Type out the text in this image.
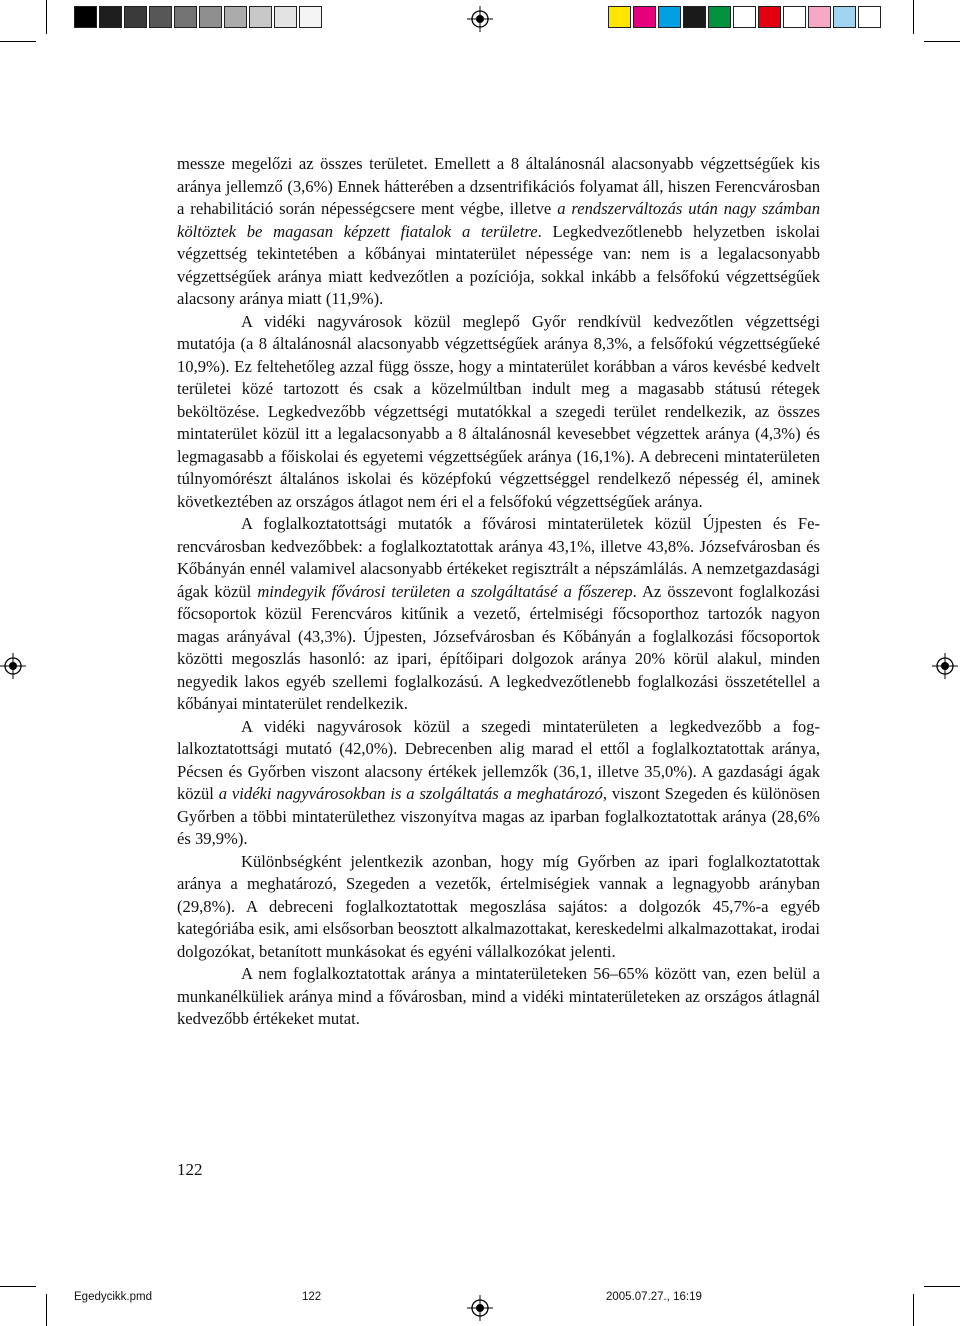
messze megelőzi az összes területet. Emellett a 8 általánosnál alacsonyabb végzettségűek kis aránya jellemző (3,6%) Ennek hátterében a dzsentrifikációs folyamat áll, hiszen Ferencvárosban a rehabilitáció során népességcsere ment végbe, illetve a rendszerváltozás után nagy számban költöztek be magasan képzett fiatalok a területre. Legkedvezőtlenebb helyzetben iskolai végzettség tekintetében a kőbányai mintaterület népessége van: nem is a legalacsonyabb végzettségűek aránya miatt kedvezőtlen a pozíciója, sokkal inkább a felsőfokú végzettségűek alacsony aránya miatt (11,9%).

A vidéki nagyvárosok közül meglepő Győr rendkívül kedvezőtlen végzettségi mutatója (a 8 általánosnál alacsonyabb végzettségűek aránya 8,3%, a felsőfokú végzettségűeké 10,9%). Ez feltehetőleg azzal függ össze, hogy a mintaterület korábban a város kevésbé kedvelt területei közé tartozott és csak a közelmúltban indult meg a magasabb státusú rétegek beköltözése. Legkedvezőbb végzettségi mutatókkal a szegedi terület rendelkezik, az összes mintaterület közül itt a legalacsonyabb a 8 általánosnál kevesebbet végzettek aránya (4,3%) és legmagasabb a főiskolai és egyetemi végzettségűek aránya (16,1%). A debreceni mintaterületen túlnyomórészt általános iskolai és középfokú végzettséggel rendelkező népesség él, aminek következtében az országos átlagot nem éri el a felsőfokú végzettségűek aránya.

A foglalkoztatottsági mutatók a fővárosi mintaterületek közül Újpesten és Ferencvárosban kedvezőbbek: a foglalkoztatottak aránya 43,1%, illetve 43,8%. Józsefvárosban és Kőbányán ennél valamivel alacsonyabb értékeket regisztrált a népszámlálás. A nemzetgazdasági ágak közül mindegyik fővárosi területen a szolgáltatásé a főszerep. Az összevont foglalkozási főcsoportok közül Ferencváros kitűnik a vezető, értelmiségi főcsoporthoz tartozók nagyon magas arányával (43,3%). Újpesten, Józsefvárosban és Kőbányán a foglalkozási főcsoportok közötti megoszlás hasonló: az ipari, építőipari dolgozok aránya 20% körül alakul, minden negyedik lakos egyéb szellemi foglalkozású. A legkedvezőtlenebb foglalkozási összetétellel a kőbányai mintaterület rendelkezik.

A vidéki nagyvárosok közül a szegedi mintaterületen a legkedvezőbb a foglalkoztatottsági mutató (42,0%). Debrecenben alig marad el ettől a foglalkoztatottak aránya, Pécsen és Győrben viszont alacsony értékek jellemzők (36,1, illetve 35,0%). A gazdasági ágak közül a vidéki nagyvárosokban is a szolgáltatás a meghatározó, viszont Szegeden és különösen Győrben a többi mintaterülethez viszonyítva magas az iparban foglalkoztatottak aránya (28,6% és 39,9%).

Különbségként jelentkezik azonban, hogy míg Győrben az ipari foglalkoztatottak aránya a meghatározó, Szegeden a vezetők, értelmiségiek vannak a legnagyobb arányban (29,8%). A debreceni foglalkoztatottak megoszlása sajátos: a dolgozók 45,7%-a egyéb kategóriába esik, ami elsősorban beosztott alkalmazottakat, kereskedelmi alkalmazottakat, irodai dolgozókat, betanított munkásokat és egyéni vállalkozókat jelenti.

A nem foglalkoztatottak aránya a mintaterületeken 56–65% között van, ezen belül a munkanélküliek aránya mind a fővárosban, mind a vidéki mintaterületeken az országos átlagnál kedvezőbb értékeket mutat.

122
Egedycikk.pmd	122	2005.07.27., 16:19
